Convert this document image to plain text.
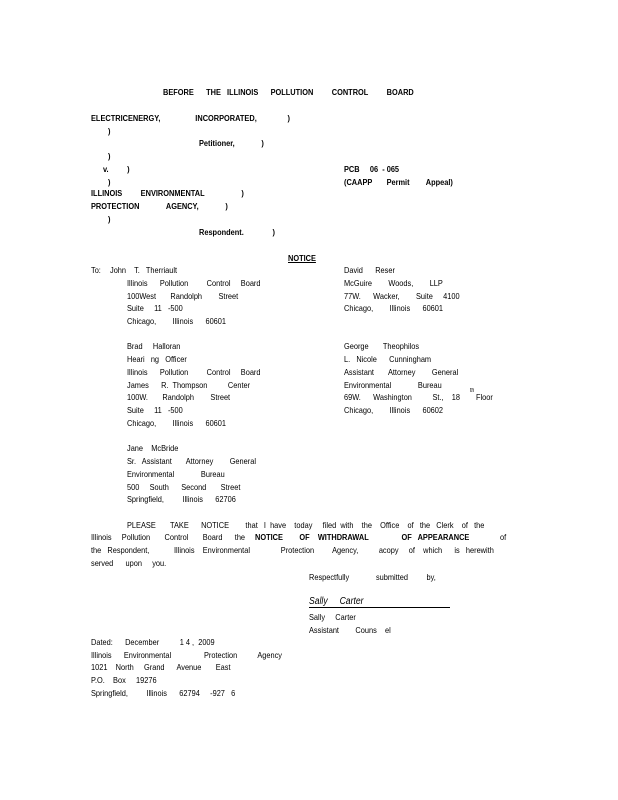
BEFORE      THE   ILLINOIS      POLLUTION         CONTROL         BOARD
ELECTRICENERGY,                 INCORPORATED,               )
)
Petitioner,             )
)
v.         )
)
ILLINOIS         ENVIRONMENTAL                  )
PROTECTION             AGENCY,             )
)
Respondent.              )
PCB     06  - 065
(CAAPP       Permit        Appeal)
NOTICE
To: John    T.   Therriault
Illinois      Pollution         Control     Board
100West       Randolph        Street
Suite     11   -500
Chicago,        Illinois      60601
Brad     Halloran
Heari   ng   Officer
Illinois      Pollution         Control     Board
James      R.  Thompson          Center
100W.       Randolph        Street
Suite     11   -500
Chicago,        Illinois      60601
Jane    McBride
Sr.   Assistant       Attorney        General
Environmental             Bureau
500     South      Second       Street
Springfield,         Illinois      62706
David      Reser
McGuire        Woods,        LLP
77W.      Wacker,        Suite     4100
Chicago,        Illinois      60601
George       Theophilos
L.   Nicole      Cunningham
Assistant       Attorney        General
Environmental             Bureau
69W.      Washington          St.,    18
th
Floor
Chicago,        Illinois      60602
PLEASE       TAKE      NOTICE        that   I  have    today     filed  with    the    Office    of   the   Clerk    of   the
Illinois     Pollution       Control       Board      the NOTICE        OF    WITHDRAWAL                OF   APPEARANCE	of
the   Respondent,            Illinois    Environmental               Protection         Agency,          acopy     of    which      is   herewith
served      upon     you.
Respectfully             submitted         by,
Sally     Carter
Sally     Carter
Assistant        Couns    el
Dated:      December          1 4 ,  2009
Illinois      Environmental                Protection          Agency
1021    North     Grand      Avenue       East
P.O.    Box     19276
Springfield,         Illinois      62794     -927   6
